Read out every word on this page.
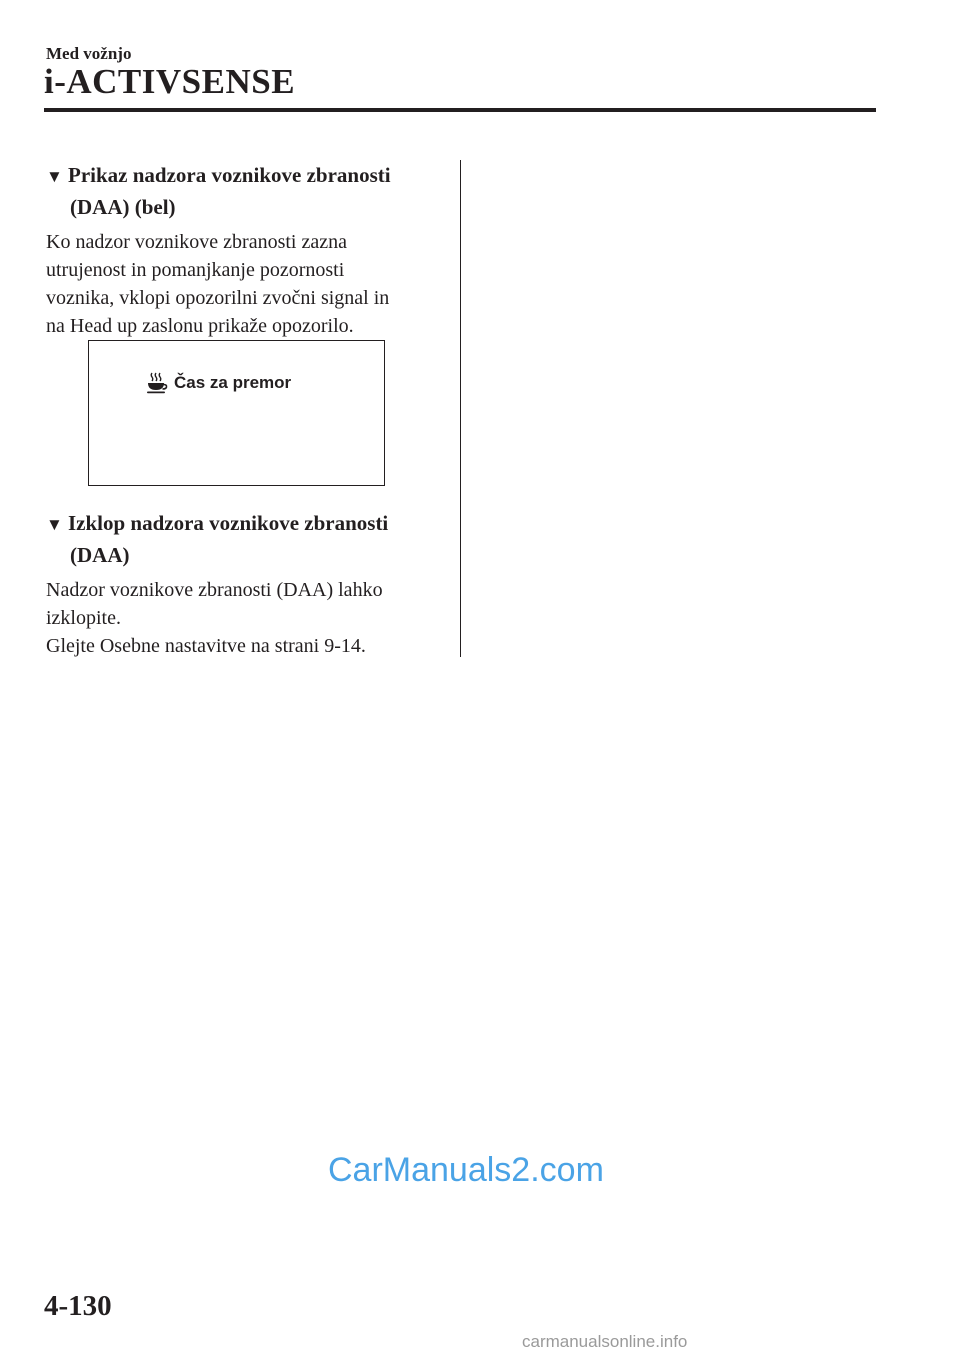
Med vožnjo
i-ACTIVSENSE
▼ Prikaz nadzora voznikove zbranosti
(DAA) (bel)
Ko nadzor voznikove zbranosti zazna
utrujenost in pomanjkanje pozornosti
voznika, vklopi opozorilni zvočni signal in
na Head up zaslonu prikaže opozorilo.
Čas za premor
▼ Izklop nadzora voznikove zbranosti
(DAA)
Nadzor voznikove zbranosti (DAA) lahko
izklopite.
Glejte Osebne nastavitve na strani 9-14.
CarManuals2.com
4-130
carmanualsonline.info
